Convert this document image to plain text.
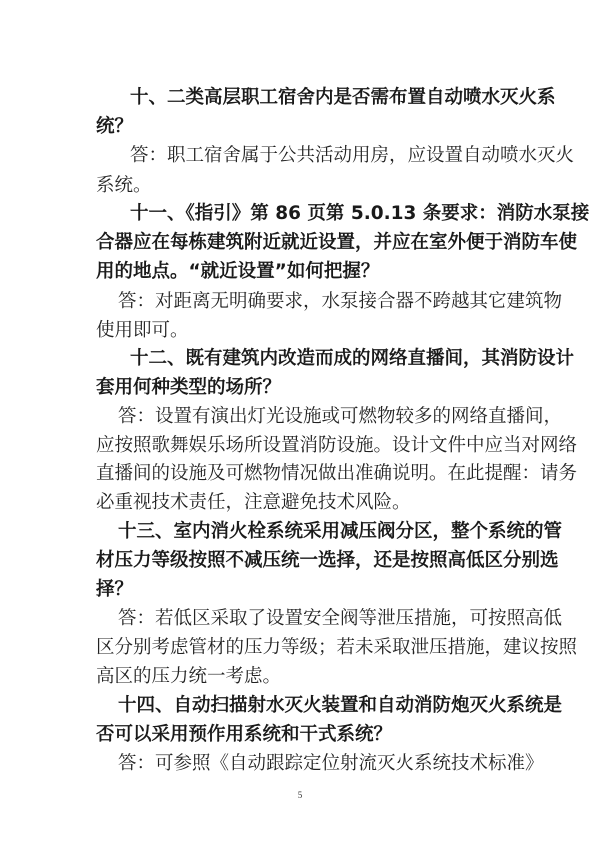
十、二类高层职工宿舍内是否需布置自动喷水灭火系
统？
答：职工宿舍属于公共活动用房，应设置自动喷水灭火
系统。
十一、《指引》第 86 页第 5.0.13 条要求：消防水泵接
合器应在每栋建筑附近就近设置，并应在室外便于消防车使
用的地点。“就近设置”如何把握？
答：对距离无明确要求，水泵接合器不跨越其它建筑物
使用即可。
十二、既有建筑内改造而成的网络直播间，其消防设计
套用何种类型的场所？
答：设置有演出灯光设施或可燃物较多的网络直播间，
应按照歌舞娱乐场所设置消防设施。设计文件中应当对网络
直播间的设施及可燃物情况做出准确说明。在此提醒：请务
必重视技术责任，注意避免技术风险。
十三、室内消火栓系统采用减压阀分区，整个系统的管
材压力等级按照不减压统一选择，还是按照高低区分别选
择？
答：若低区采取了设置安全阀等泄压措施，可按照高低
区分别考虑管材的压力等级；若未采取泄压措施，建议按照
高区的压力统一考虑。
十四、自动扫描射水灭火装置和自动消防炮灭火系统是
否可以采用预作用系统和干式系统？
答：可参照《自动跟踪定位射流灭火系统技术标准》
5
